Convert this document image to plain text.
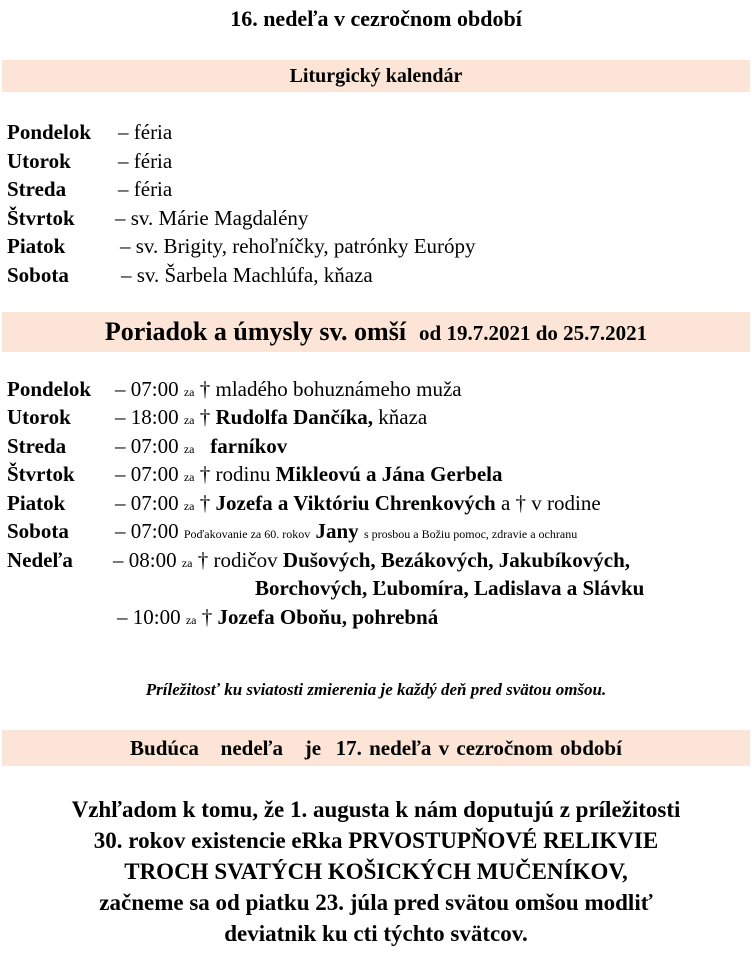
16. nedeľa v cezročnom období
Liturgický kalendár
Pondelok – féria
Utorok – féria
Streda – féria
Štvrtok – sv. Márie Magdalény
Piatok	– sv. Brigity, rehoľníčky, patrónky Európy
Sobota – sv. Šarbela Machlúfa, kňaza
Poriadok a úmysly sv. omší od 19.7.2021 do 25.7.2021
Pondelok – 07:00 za † mladého bohuznámeho muža
Utorok – 18:00 za † Rudolfa Dančíka, kňaza
Streda – 07:00 za farníkov
Štvrtok – 07:00 za † rodinu Mikleovú a Jána Gerbela
Piatok – 07:00 za † Jozefa a Viktóriu Chrenkových a † v rodine
Sobota – 07:00 Poďakovanie za 60. rokov Jany s prosbou a Božiu pomoc, zdravie a ochranu
Nedeľa – 08:00 za † rodičov Dušových, Bezákových, Jakubíkových,
Borchových, Ľubomíra, Ladislava a Slávku
– 10:00 za † Jozefa Oboňu, pohrebná
Príležitosť ku sviatosti zmierenia je každý deň pred svätou omšou.
Budúca   nedeľa   je  17. nedeľa v cezročnom období
Vzhľadom k tomu, že 1. augusta k nám doputujú z príležitosti
30. rokov existencie eRka PRVOSTUPŇOVÉ RELIKVIE
TROCH SVATÝCH KOŠICKÝCH MUČENÍKOV,
začneme sa od piatku 23. júla pred svätou omšou modliť
deviatnik ku cti týchto svätcov.
